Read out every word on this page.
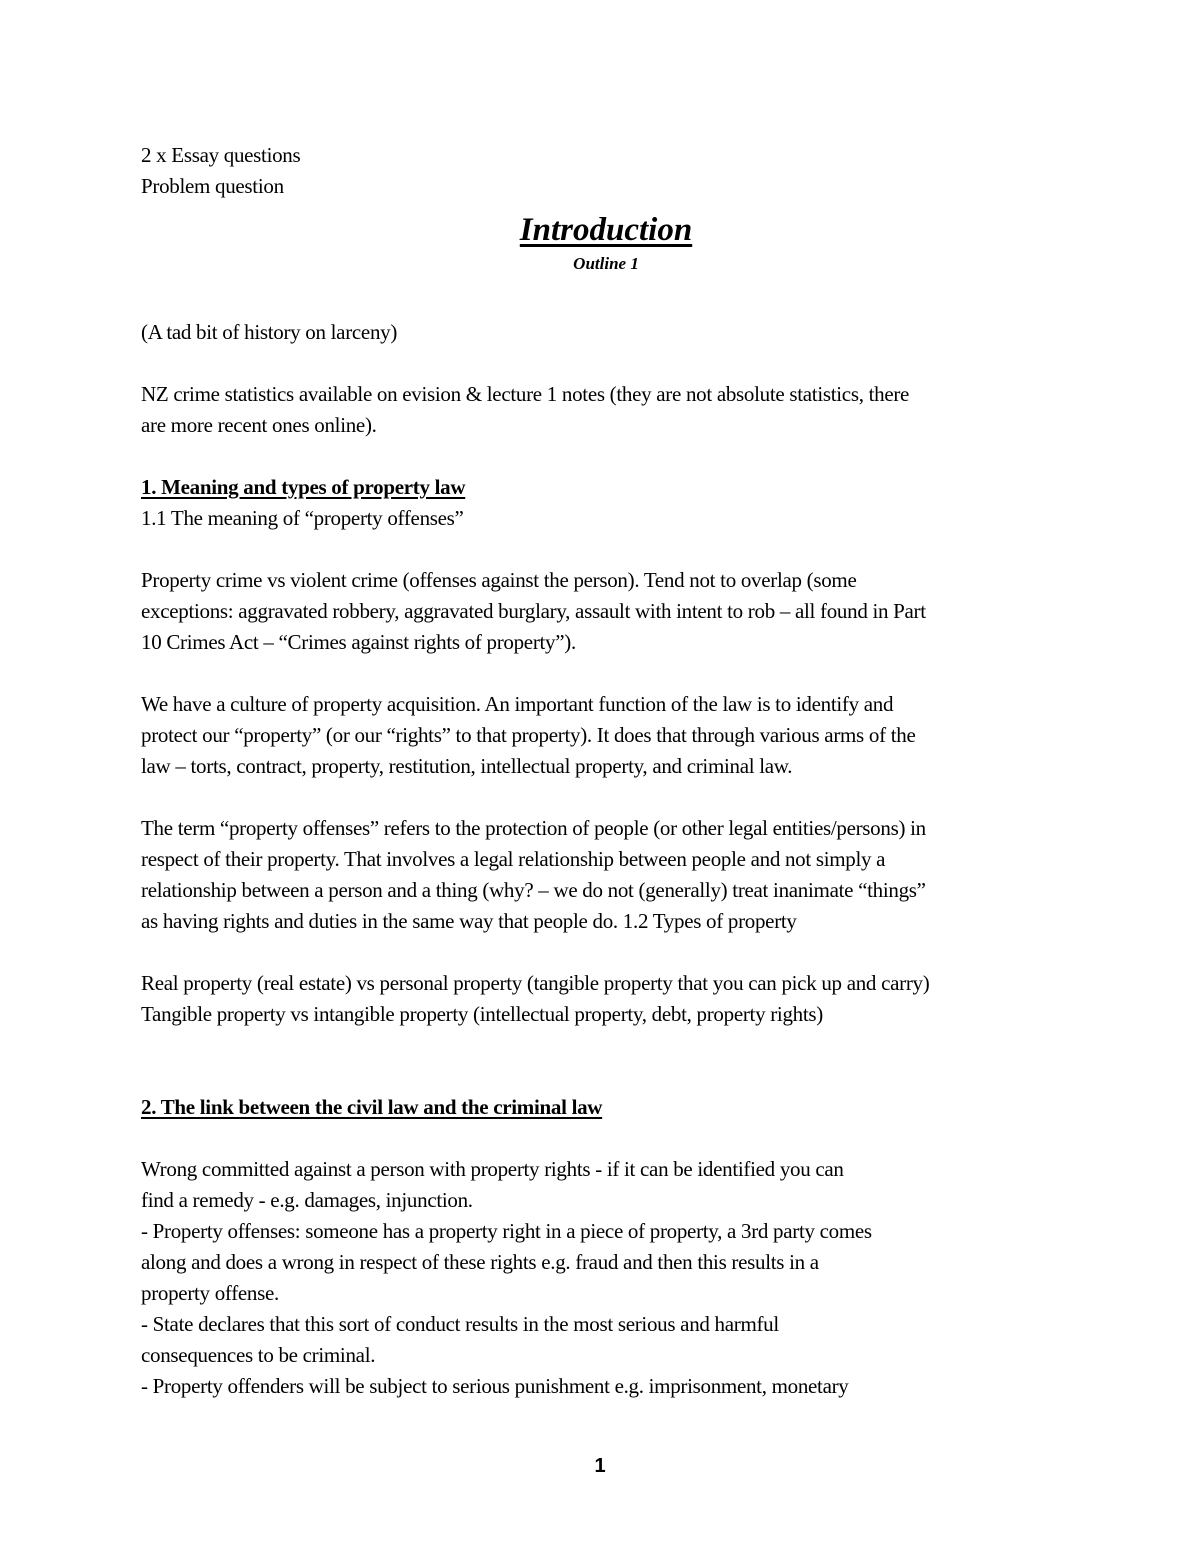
2 x Essay questions
Problem question
Introduction
Outline 1
(A tad bit of history on larceny)
NZ crime statistics available on evision & lecture 1 notes (they are not absolute statistics, there
are more recent ones online).
1. Meaning and types of property law
1.1 The meaning of “property offenses”
Property crime vs violent crime (offenses against the person). Tend not to overlap (some
exceptions: aggravated robbery, aggravated burglary, assault with intent to rob – all found in Part
10 Crimes Act – “Crimes against rights of property”).
We have a culture of property acquisition. An important function of the law is to identify and
protect our “property” (or our “rights” to that property). It does that through various arms of the
law – torts, contract, property, restitution, intellectual property, and criminal law.
The term “property offenses” refers to the protection of people (or other legal entities/persons) in
respect of their property. That involves a legal relationship between people and not simply a
relationship between a person and a thing (why? – we do not (generally) treat inanimate “things”
as having rights and duties in the same way that people do. 1.2 Types of property
Real property (real estate) vs personal property (tangible property that you can pick up and carry)
Tangible property vs intangible property (intellectual property, debt, property rights)
2. The link between the civil law and the criminal law
Wrong committed against a person with property rights - if it can be identified you can
find a remedy - e.g. damages, injunction.
- Property offenses: someone has a property right in a piece of property, a 3rd party comes
along and does a wrong in respect of these rights e.g. fraud and then this results in a
property offense.
- State declares that this sort of conduct results in the most serious and harmful
consequences to be criminal.
- Property offenders will be subject to serious punishment e.g. imprisonment, monetary
1
